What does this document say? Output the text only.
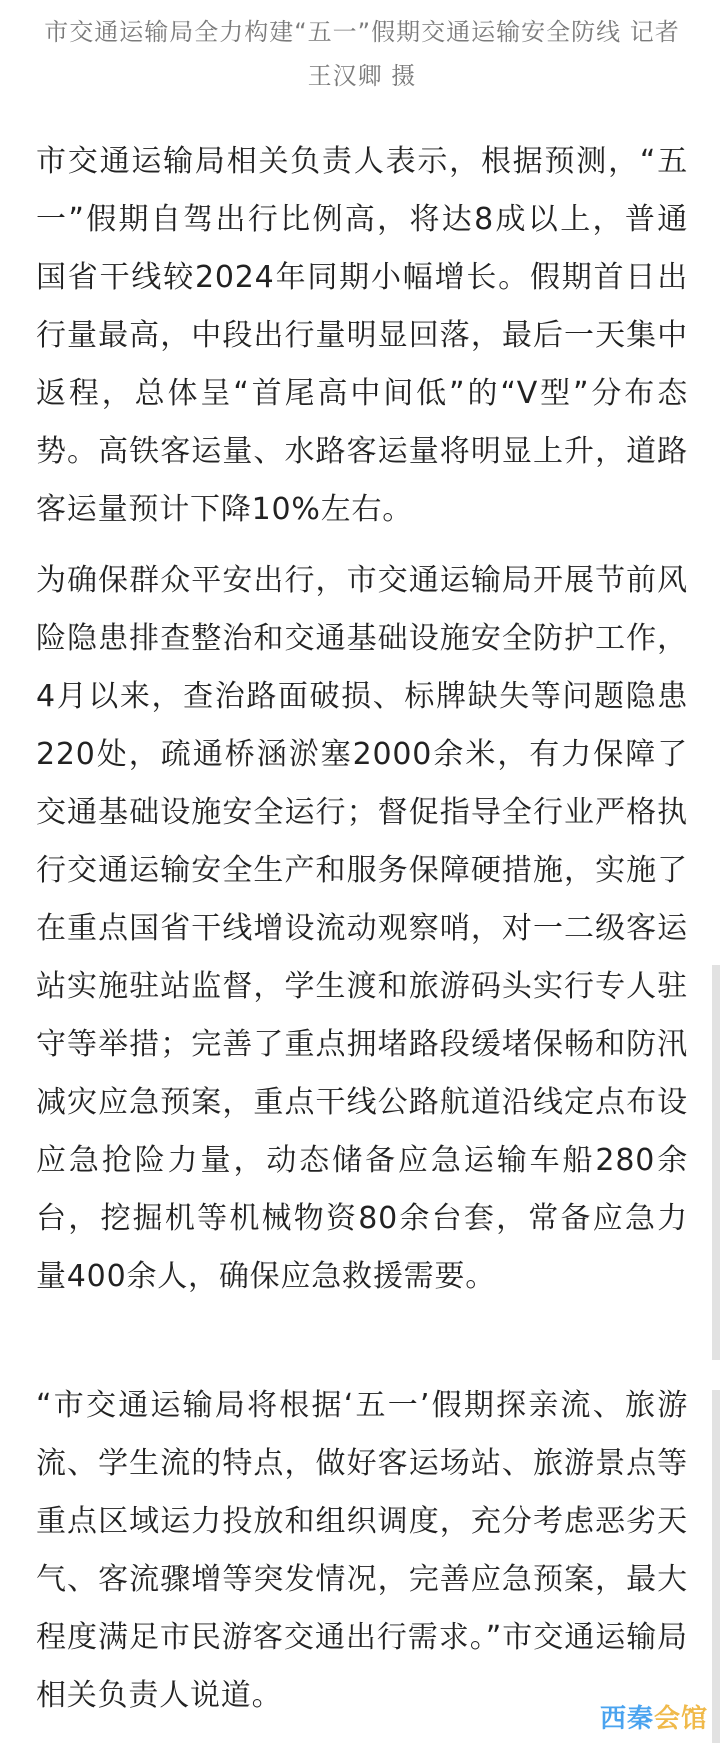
市交通运输局全力构建“五一”假期交通运输安全防线 记者 王汉卿 摄
市交通运输局相关负责人表示，根据预测，“五一”假期自驾出行比例高，将达8成以上，普通国省干线较2024年同期小幅增长。假期首日出行量最高，中段出行量明显回落，最后一天集中返程，总体呈“首尾高中间低”的“V型”分布态势。高铁客运量、水路客运量将明显上升，道路客运量预计下降10%左右。
为确保群众平安出行，市交通运输局开展节前风险隐患排查整治和交通基础设施安全防护工作，4月以来，查治路面破损、标牌缺失等问题隐患220处，疏通桥涵淤塞2000余米，有力保障了交通基础设施安全运行；督促指导全行业严格执行交通运输安全生产和服务保障硬措施，实施了在重点国省干线增设流动观察哨，对一二级客运站实施驻站监督，学生渡和旅游码头实行专人驻守等举措；完善了重点拥堵路段缓堵保畅和防汛减灾应急预案，重点干线公路航道沿线定点布设应急抢险力量，动态储备应急运输车船280余台，挖掘机等机械物资80余台套，常备应急力量400余人，确保应急救援需要。
“市交通运输局将根据‘五一’假期探亲流、旅游流、学生流的特点，做好客运场站、旅游景点等重点区域运力投放和组织调度，充分考虑恶劣天气、客流骤增等突发情况，完善应急预案，最大程度满足市民游客交通出行需求。”市交通运输局相关负责人说道。
西秦会馆
